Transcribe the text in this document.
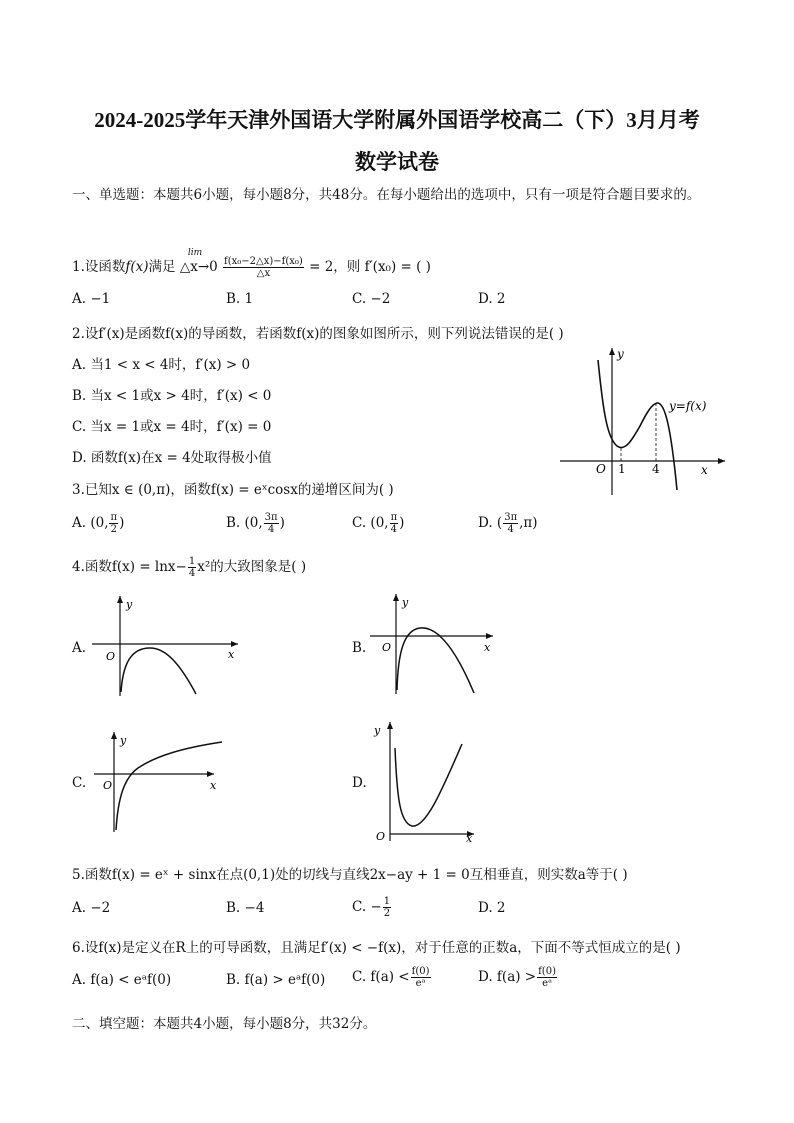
2024-2025学年天津外国语大学附属外国语学校高二（下）3月月考
数学试卷
一、单选题：本题共6小题，每小题8分，共48分。在每小题给出的选项中，只有一项是符合题目要求的。
1.设函数f(x)满足
lim
△x→0 $\frac{\text{f(x₀−2△x)−f(x₀)}}{\triangle x} = 2$，则 f′(x₀) = ( )
A. −1	B. 1	C. −2	D. 2
2.设f′(x)是函数f(x)的导函数，若函数f(x)的图象如图所示，则下列说法错误的是( )
A. 当1 < x < 4时，f′(x) > 0
B. 当x < 1或x > 4时，f′(x) < 0
C. 当x = 1或x = 4时，f′(x) = 0
D. 函数f(x)在x = 4处取得极小值
y
O 1 4	x
y=f(x)
3.已知x ∈ (0,π)，函数f(x) = eˣcosx的递增区间为( )
A. (0, $\frac{\pi}{2}$ )	B. (0, $\frac{3\pi}{4}$ )	C. (0, $\frac{\pi}{4}$ )	D. ( $\frac{3\pi}{4} ,\pi$)
4.函数$f(x) = \ln x- \frac{1}{4} x^2$的大致图象是( )
A.
y
O	x	B.
y
O	x
C.
y
O	x	D.
y
O	x
5.函数f(x) = eˣ + sinx在点(0,1)处的切线与直线2x−ay + 1 = 0互相垂直，则实数a等于( )
A. −2	B. −4	C. − $\frac{1}{2}$	D. 2
6.设f(x)是定义在R上的可导函数，且满足f′(x) < −f(x)，对于任意的正数a，下面不等式恒成立的是( )
A. f(a) < eᵃf(0)	B. f(a) > eᵃf(0) C. $f(a) < \frac{f(0)}{\text{eᵃ}}$	D. $f(a) > \frac{f(0)}{\text{eᵃ}}$
二、填空题：本题共4小题，每小题8分，共32分。
